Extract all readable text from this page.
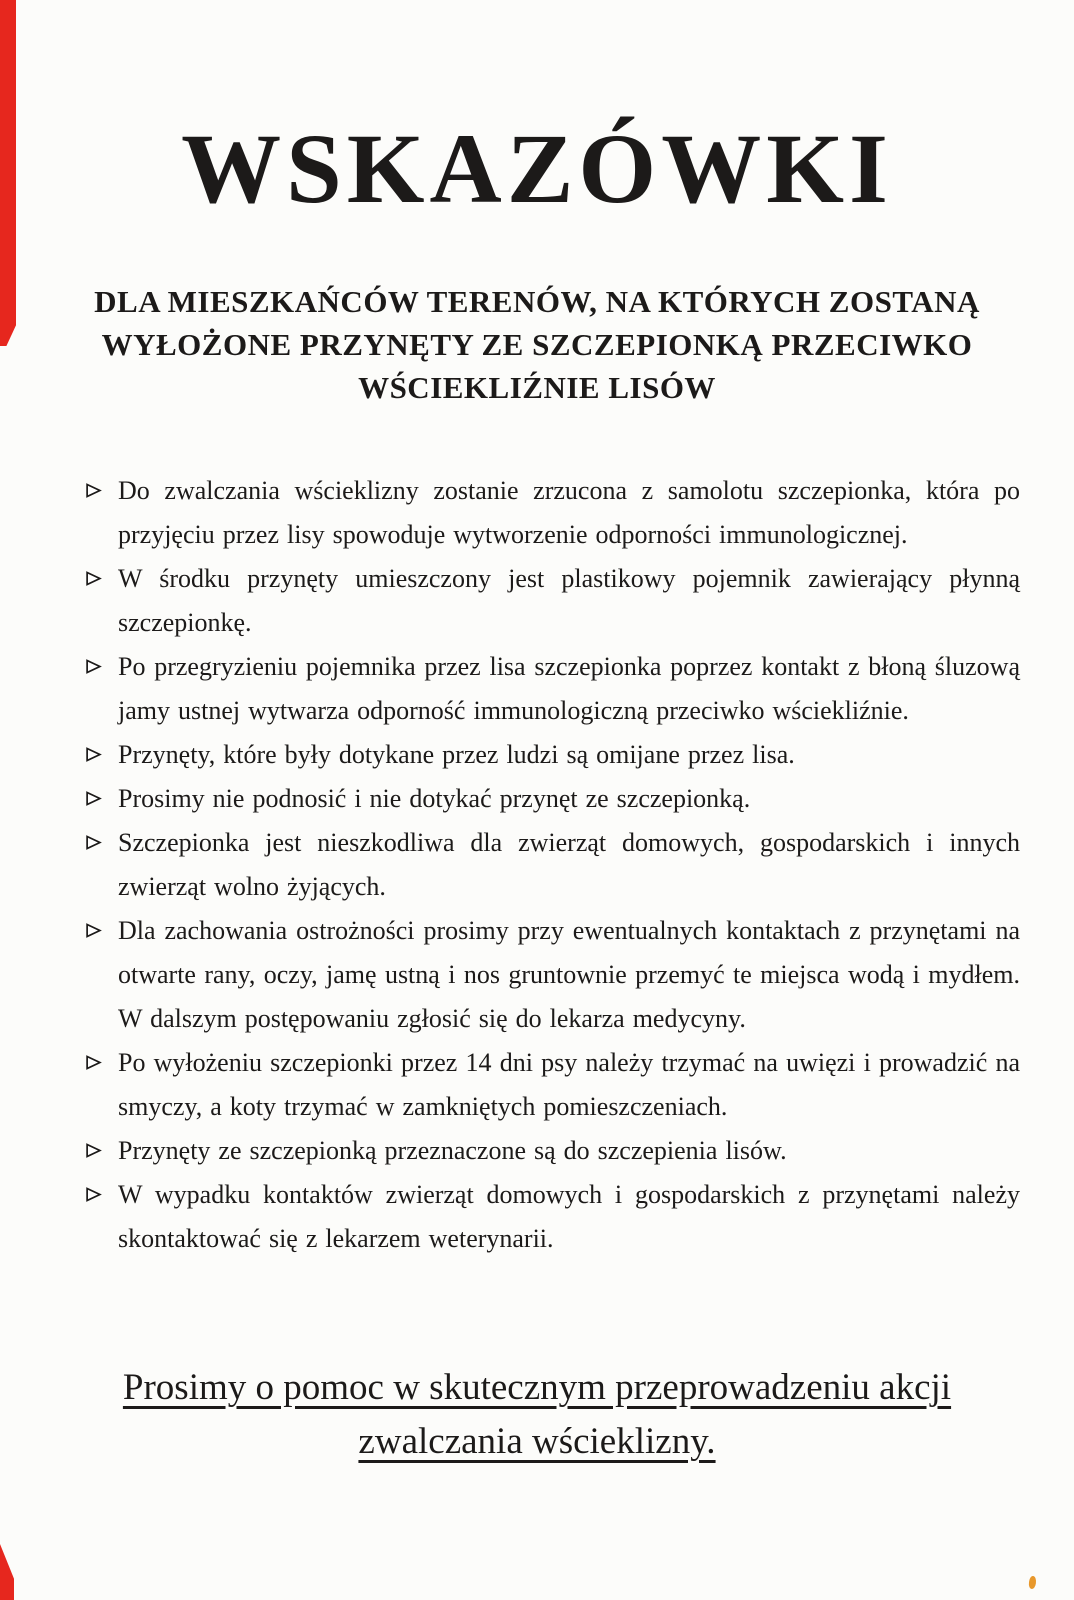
WSKAZÓWKI
DLA MIESZKAŃCÓW TERENÓW, NA KTÓRYCH ZOSTANĄ
WYŁOŻONE PRZYNĘTY ZE SZCZEPIONKĄ PRZECIWKO
WŚCIEKLIŹNIE LISÓW
Do zwalczania wścieklizny zostanie zrzucona z samolotu szczepionka, która po przyjęciu przez lisy spowoduje wytworzenie odporności immunologicznej.
W środku przynęty umieszczony jest plastikowy pojemnik zawierający płynną szczepionkę.
Po przegryzieniu pojemnika przez lisa szczepionka poprzez kontakt z błoną śluzową jamy ustnej wytwarza odporność immunologiczną przeciwko wściekliźnie.
Przynęty, które były dotykane przez ludzi są omijane przez lisa.
Prosimy nie podnosić i nie dotykać przynęt ze szczepionką.
Szczepionka jest nieszkodliwa dla zwierząt domowych, gospodarskich i innych zwierząt wolno żyjących.
Dla zachowania ostrożności prosimy przy ewentualnych kontaktach z przynętami na otwarte rany, oczy, jamę ustną i nos gruntownie przemyć te miejsca wodą i mydłem. W dalszym postępowaniu zgłosić się do lekarza medycyny.
Po wyłożeniu szczepionki przez 14 dni psy należy trzymać na uwięzi i prowadzić na smyczy, a koty trzymać w zamkniętych pomieszczeniach.
Przynęty ze szczepionką przeznaczone są do szczepienia lisów.
W wypadku kontaktów zwierząt domowych i gospodarskich z przynętami należy skontaktować się z lekarzem weterynarii.
Prosimy o pomoc w skutecznym przeprowadzeniu akcji
zwalczania wścieklizny.
